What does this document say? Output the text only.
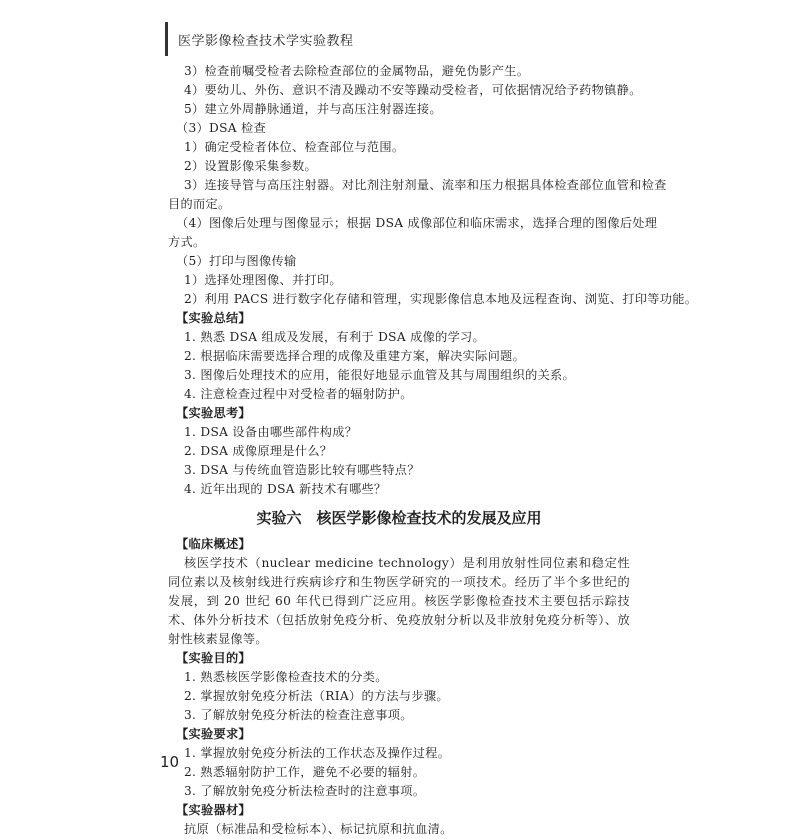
医学影像检查技术学实验教程
3）检查前嘱受检者去除检查部位的金属物品，避免伪影产生。
4）要幼儿、外伤、意识不清及躁动不安等躁动受检者，可依据情况给予药物镇静。
5）建立外周静脉通道，并与高压注射器连接。
（3）DSA 检查
1）确定受检者体位、检查部位与范围。
2）设置影像采集参数。
3）连接导管与高压注射器。对比剂注射剂量、流率和压力根据具体检查部位血管和检查
目的而定。
（4）图像后处理与图像显示；根据 DSA 成像部位和临床需求，选择合理的图像后处理
方式。
（5）打印与图像传输
1）选择处理图像、并打印。
2）利用 PACS 进行数字化存储和管理，实现影像信息本地及远程查询、浏览、打印等功能。
【实验总结】
1. 熟悉 DSA 组成及发展，有利于 DSA 成像的学习。
2. 根据临床需要选择合理的成像及重建方案，解决实际问题。
3. 图像后处理技术的应用，能很好地显示血管及其与周围组织的关系。
4. 注意检查过程中对受检者的辐射防护。
【实验思考】
1. DSA 设备由哪些部件构成？
2. DSA 成像原理是什么？
3. DSA 与传统血管造影比较有哪些特点？
4. 近年出现的 DSA 新技术有哪些？
实验六　核医学影像检查技术的发展及应用
【临床概述】
核医学技术（nuclear medicine technology）是利用放射性同位素和稳定性同位素以及核射线进行疾病诊疗和生物医学研究的一项技术。经历了半个多世纪的发展，到 20 世纪 60 年代已得到广泛应用。核医学影像检查技术主要包括示踪技术、体外分析技术（包括放射免疫分析、免疫放射分析以及非放射免疫分析等）、放射性核素显像等。
【实验目的】
1. 熟悉核医学影像检查技术的分类。
2. 掌握放射免疫分析法（RIA）的方法与步骤。
3. 了解放射免疫分析法的检查注意事项。
【实验要求】
1. 掌握放射免疫分析法的工作状态及操作过程。
2. 熟悉辐射防护工作，避免不必要的辐射。
3. 了解放射免疫分析法检查时的注意事项。
【实验器材】
抗原（标准品和受检标本）、标记抗原和抗血清。
10
